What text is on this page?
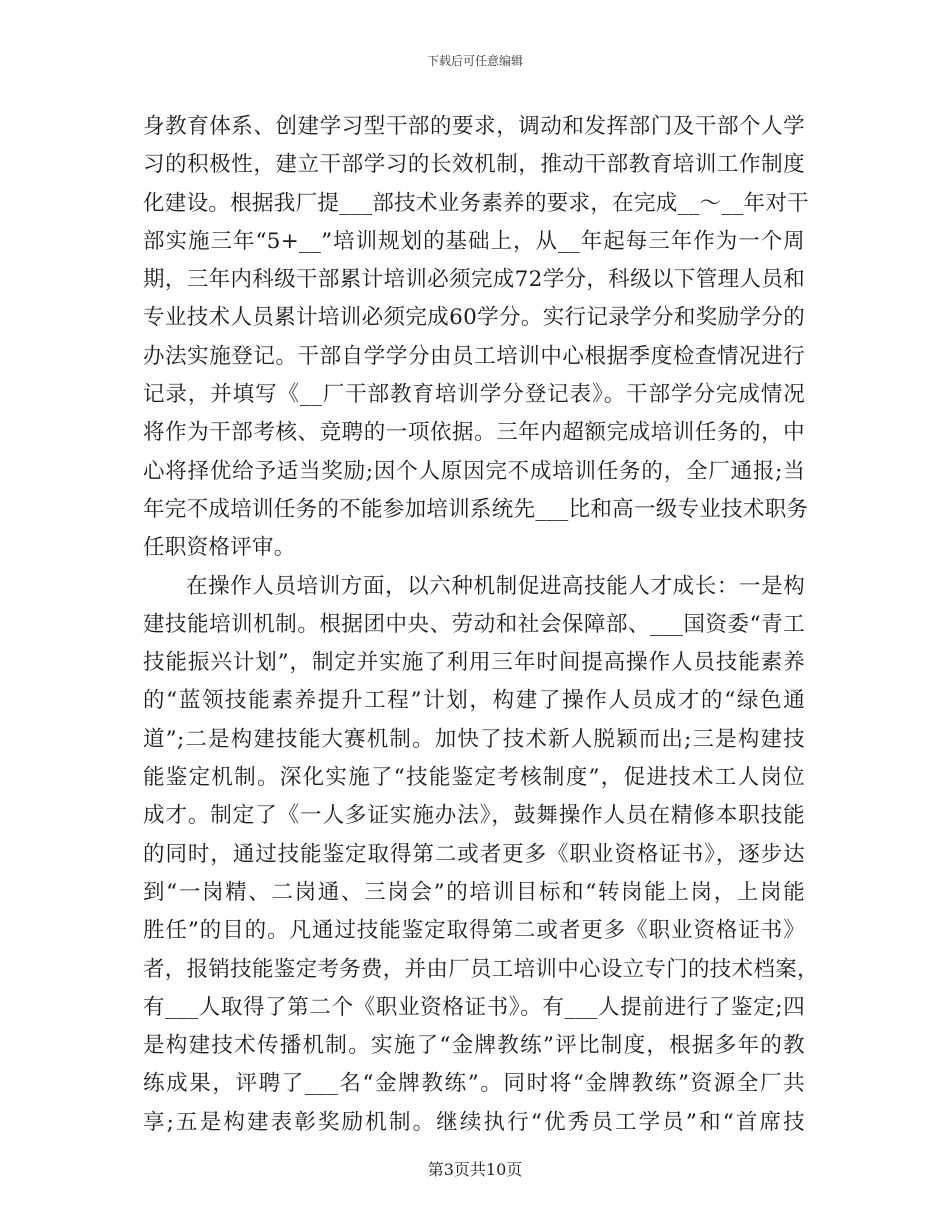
下载后可任意编辑
身教育体系、创建学习型干部的要求，调动和发挥部门及干部个人学
习的积极性，建立干部学习的长效机制，推动干部教育培训工作制度
化建设。根据我厂提___部技术业务素养的要求，在完成__～__年对干
部实施三年“5+__”培训规划的基础上，从__年起每三年作为一个周
期，三年内科级干部累计培训必须完成72学分，科级以下管理人员和
专业技术人员累计培训必须完成60学分。实行记录学分和奖励学分的
办法实施登记。干部自学学分由员工培训中心根据季度检查情况进行
记录，并填写《__厂干部教育培训学分登记表》。干部学分完成情况
将作为干部考核、竞聘的一项依据。三年内超额完成培训任务的，中
心将择优给予适当奖励;因个人原因完不成培训任务的，全厂通报;当
年完不成培训任务的不能参加培训系统先___比和高一级专业技术职务
任职资格评审。
在操作人员培训方面，以六种机制促进高技能人才成长：一是构
建技能培训机制。根据团中央、劳动和社会保障部、___国资委“青工
技能振兴计划”，制定并实施了利用三年时间提高操作人员技能素养
的“蓝领技能素养提升工程”计划，构建了操作人员成才的“绿色通
道”;二是构建技能大赛机制。加快了技术新人脱颖而出;三是构建技
能鉴定机制。深化实施了“技能鉴定考核制度”，促进技术工人岗位
成才。制定了《一人多证实施办法》，鼓舞操作人员在精修本职技能
的同时，通过技能鉴定取得第二或者更多《职业资格证书》，逐步达
到“一岗精、二岗通、三岗会”的培训目标和“转岗能上岗，上岗能
胜任”的目的。凡通过技能鉴定取得第二或者更多《职业资格证书》
者，报销技能鉴定考务费，并由厂员工培训中心设立专门的技术档案，
有___人取得了第二个《职业资格证书》。有___人提前进行了鉴定;四
是构建技术传播机制。实施了“金牌教练”评比制度，根据多年的教
练成果，评聘了___名“金牌教练”。同时将“金牌教练”资源全厂共
享;五是构建表彰奖励机制。继续执行“优秀员工学员”和“首席技
第3页共10页
